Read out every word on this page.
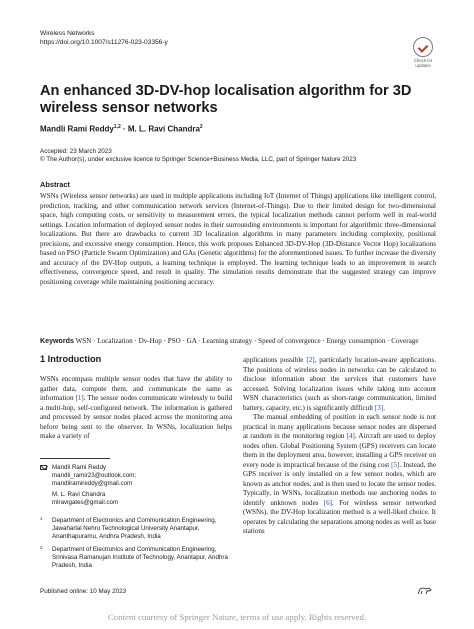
Wireless Networks
https://doi.org/10.1007/s11276-023-03356-y
Check for
updates
An enhanced 3D-DV-hop localisation algorithm for 3D wireless sensor networks
Mandli Rami Reddy$^{1,2}$ · M. L. Ravi Chandra$^2$
Accepted: 23 March 2023
© The Author(s), under exclusive licence to Springer Science+Business Media, LLC, part of Springer Nature 2023
Abstract
WSNs (Wireless sensor networks) are used in multiple applications including IoT (Internet of Things) applications like intelligent control, prediction, tracking, and other communication network services (Internet-of-Things). Due to their limited design for two-dimensional space, high computing costs, or sensitivity to measurement errors, the typical localization methods cannot perform well in real-world settings. Location information of deployed sensor nodes in their surrounding environments is important for algorithmic three-dimensional localizations. But there are drawbacks to current 3D localization algorithms in many parameters including complexity, positional precisions, and excessive energy consumption. Hence, this work proposes Enhanced 3D-DV-Hop (3D-Distance Vector Hop) localizations based on PSO (Particle Swarm Optimization) and GAs (Genetic algorithms) for the aforementioned issues. To further increase the diversity and accuracy of the DV-Hop outputs, a learning technique is employed. The learning technique leads to an improvement in search effectiveness, convergence speed, and result in quality. The simulation results demonstrate that the suggested strategy can improve positioning coverage while maintaining positioning accuracy.
Keywords WSN · Localization · Dv-Hop · PSO · GA · Learning strategy · Speed of convergence · Energy consumption · Coverage
1 Introduction

WSNs encompass multiple sensor nodes that have the ability to gather data, compute them, and communicate the same as information [1]. The sensor nodes communicate wirelessly to build a multi-hop, self-configured network. The information is gathered and processed by sensor nodes placed across the monitoring area before being sent to the observer. In WSNs, localization helps make a variety of

applications possible [2], particularly location-aware applications. The positions of wireless nodes in networks can be calculated to disclose information about the services that customers have accessed. Solving localization issues while taking into account WSN characteristics (such as short-range communication, limited battery, capacity, etc.) is significantly difficult [3].

The manual embedding of position in each sensor node is not practical in many applications because sensor nodes are dispersed at random in the monitoring region [4]. Aircraft are used to deploy nodes often. Global Positioning System (GPS) receivers can locate them in the deployment area, however, installing a GPS receiver on every node is impractical because of the rising cost [5]. Instead, the GPS receiver is only installed on a few sensor nodes, which are known as anchor nodes, and is then used to locate the sensor nodes. Typically, in WSNs, localization methods use anchoring nodes to identify unknown nodes [6]. For wireless sensor networked (WSNs), the DV-Hop localization method is a well-liked choice. It operates by calculating the separations among nodes as well as base stations

Mandli Rami Reddy
mandli_ramir23@outlook.com;
mandliramireddy@gmail.com
M. L. Ravi Chandra
mlravigates@gmail.com
1 Department of Electronics and Communication Engineering, Jawaharlal Nehru Technological University Anantapur, Ananthapuramu, Andhra Pradesh, India
2 Department of Electronics and Communication Engineering, Srinivasa Ramanujan Institute of Technology, Anantapur, Andhra Pradesh, India
Published online: 10 May 2023
Content courtesy of Springer Nature, terms of use apply. Rights reserved.
